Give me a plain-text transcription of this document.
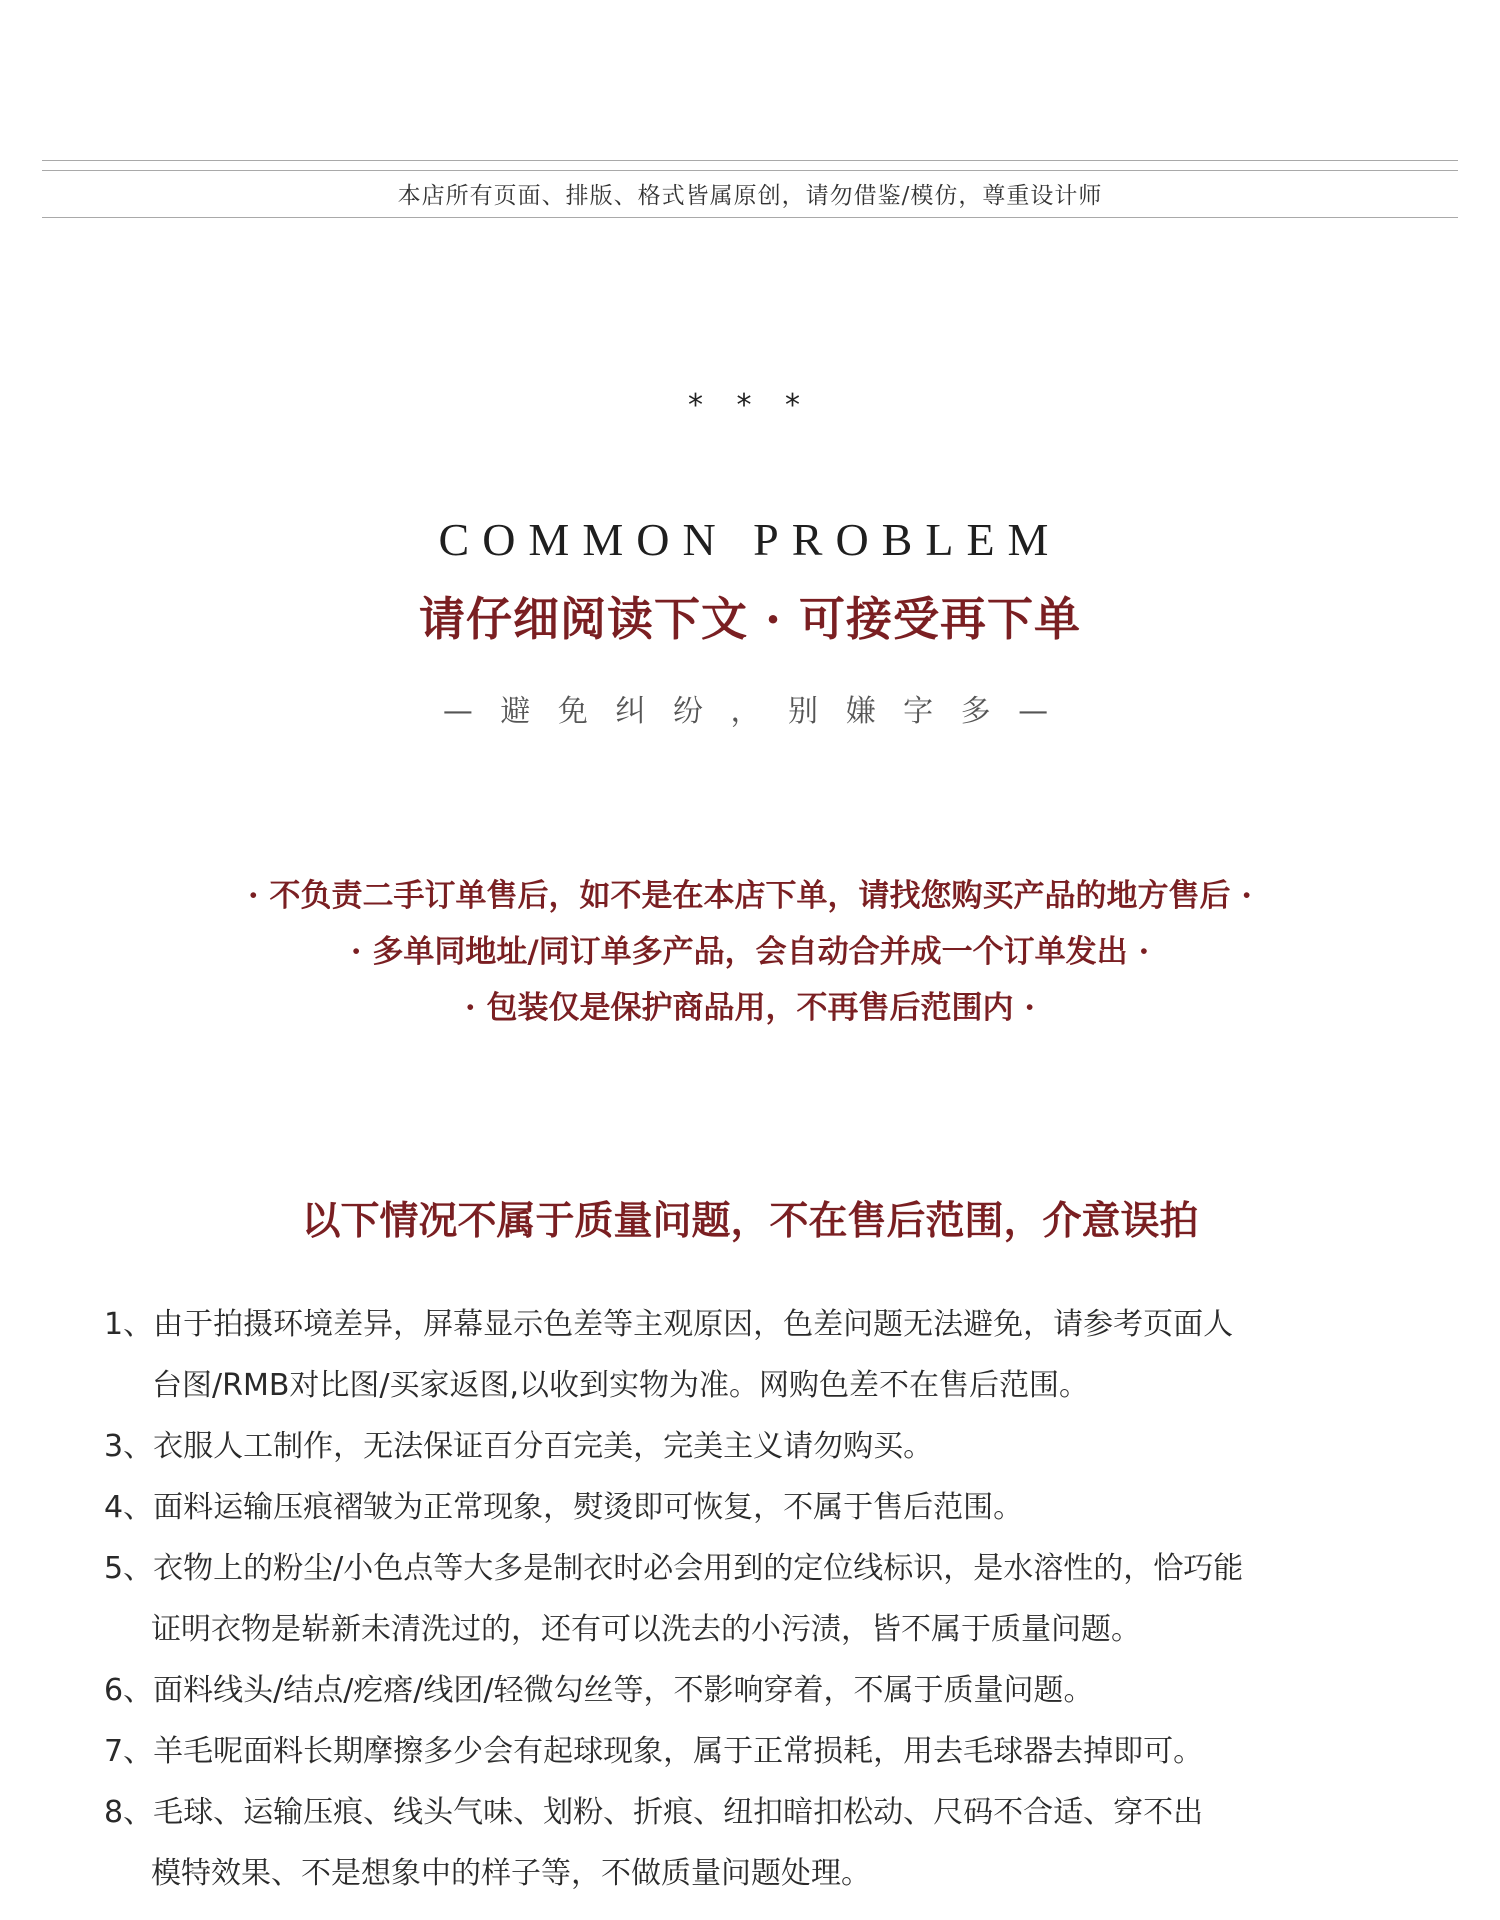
本店所有页面、排版、格式皆属原创，请勿借鉴/模仿，尊重设计师
* * *
COMMON PROBLEM
请仔细阅读下文 · 可接受再下单
— 避 免 纠 纷 ， 别 嫌 字 多 —
· 不负责二手订单售后，如不是在本店下单，请找您购买产品的地方售后 ·
· 多单同地址/同订单多产品，会自动合并成一个订单发出 ·
· 包装仅是保护商品用，不再售后范围内 ·
以下情况不属于质量问题，不在售后范围，介意误拍
1、由于拍摄环境差异，屏幕显示色差等主观原因，色差问题无法避免，请参考页面人
台图/RMB对比图/买家返图,以收到实物为准。网购色差不在售后范围。
3、衣服人工制作，无法保证百分百完美，完美主义请勿购买。
4、面料运输压痕褶皱为正常现象，熨烫即可恢复，不属于售后范围。
5、衣物上的粉尘/小色点等大多是制衣时必会用到的定位线标识，是水溶性的，恰巧能
证明衣物是崭新未清洗过的，还有可以洗去的小污渍，皆不属于质量问题。
6、面料线头/结点/疙瘩/线团/轻微勾丝等，不影响穿着，不属于质量问题。
7、羊毛呢面料长期摩擦多少会有起球现象，属于正常损耗，用去毛球器去掉即可。
8、毛球、运输压痕、线头气味、划粉、折痕、纽扣暗扣松动、尺码不合适、穿不出
模特效果、不是想象中的样子等，不做质量问题处理。
